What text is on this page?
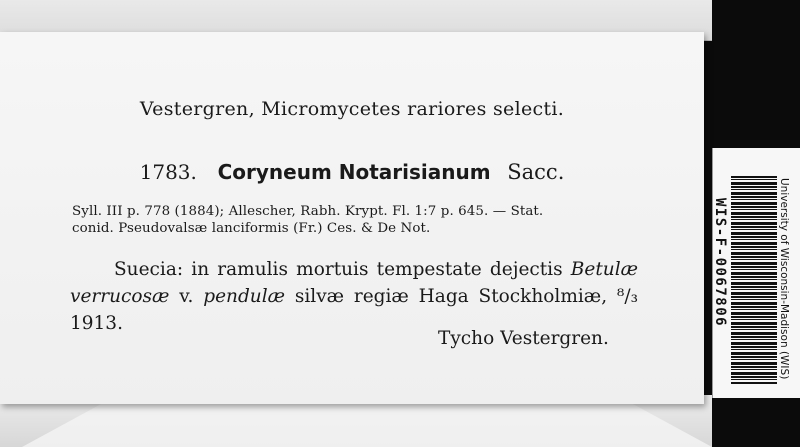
Vestergren, Micromycetes rariores selecti.
1783. Coryneum Notarisianum Sacc.
Syll. III p. 778 (1884); Allescher, Rabh. Krypt. Fl. 1:7 p. 645. — Stat.
conid. Pseudovalsæ lanciformis (Fr.) Ces. & De Not.
Suecia: in ramulis mortuis tempestate dejectis Betulæ verrucosæ v. pendulæ silvæ regiæ Haga Stockholmiæ, ⁸/₃ 1913.
Tycho Vestergren.
WIS-F-0067806	University of Wisconsin-Madison (WIS)
